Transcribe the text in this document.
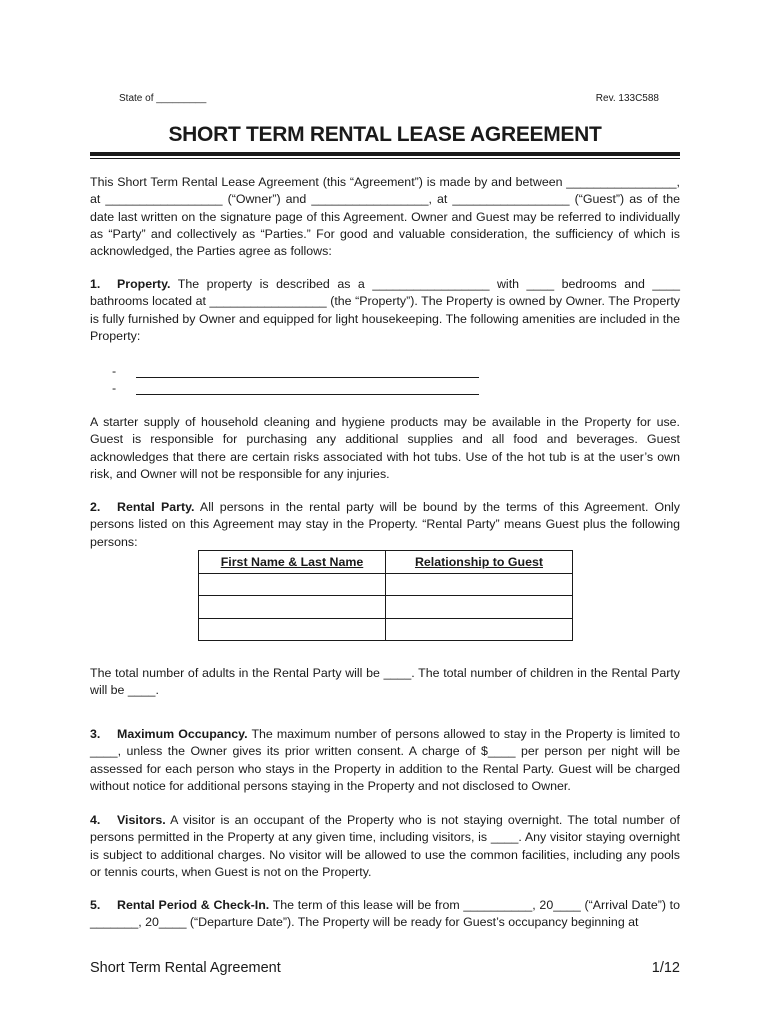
State of _________	Rev. 133C588
SHORT TERM RENTAL LEASE AGREEMENT

This Short Term Rental Lease Agreement (this “Agreement”) is made by and between ________________, at _________________ (“Owner”) and _________________, at _________________ (“Guest”) as of the date last written on the signature page of this Agreement. Owner and Guest may be referred to individually as “Party” and collectively as “Parties.” For good and valuable consideration, the sufficiency of which is acknowledged, the Parties agree as follows:

1. Property. The property is described as a _________________ with ____ bedrooms and ____ bathrooms located at _________________ (the “Property”). The Property is owned by Owner. The Property is fully furnished by Owner and equipped for light housekeeping. The following amenities are included in the Property:

-
-

A starter supply of household cleaning and hygiene products may be available in the Property for use. Guest is responsible for purchasing any additional supplies and all food and beverages. Guest acknowledges that there are certain risks associated with hot tubs. Use of the hot tub is at the user’s own risk, and Owner will not be responsible for any injuries.

2. Rental Party. All persons in the rental party will be bound by the terms of this Agreement. Only persons listed on this Agreement may stay in the Property. “Rental Party” means Guest plus the following persons:

First Name & Last Name	Relationship to Guest

The total number of adults in the Rental Party will be ____. The total number of children in the Rental Party will be ____.

3. Maximum Occupancy. The maximum number of persons allowed to stay in the Property is limited to ____, unless the Owner gives its prior written consent. A charge of $____ per person per night will be assessed for each person who stays in the Property in addition to the Rental Party. Guest will be charged without notice for additional persons staying in the Property and not disclosed to Owner.

4. Visitors. A visitor is an occupant of the Property who is not staying overnight. The total number of persons permitted in the Property at any given time, including visitors, is ____. Any visitor staying overnight is subject to additional charges. No visitor will be allowed to use the common facilities, including any pools or tennis courts, when Guest is not on the Property.

5. Rental Period & Check-In. The term of this lease will be from __________, 20____ (“Arrival Date”) to _______, 20____ (“Departure Date”). The Property will be ready for Guest’s occupancy beginning at

Short Term Rental Agreement	1/12
